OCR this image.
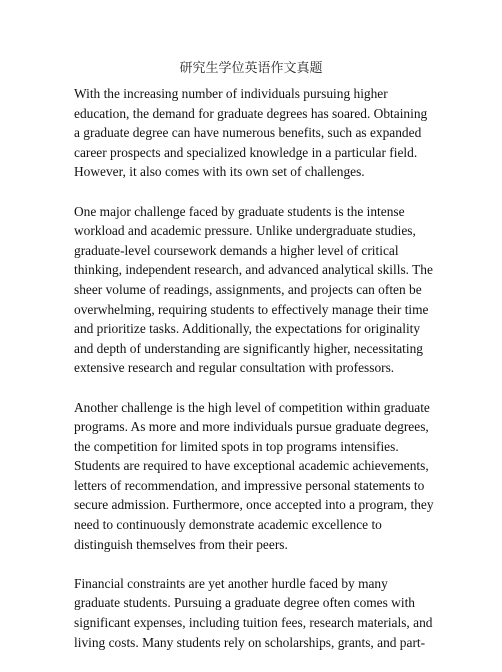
研究生学位英语作文真题
With the increasing number of individuals pursuing higher
education, the demand for graduate degrees has soared. Obtaining
a graduate degree can have numerous benefits, such as expanded
career prospects and specialized knowledge in a particular field.
However, it also comes with its own set of challenges.
One major challenge faced by graduate students is the intense
workload and academic pressure. Unlike undergraduate studies,
graduate-level coursework demands a higher level of critical
thinking, independent research, and advanced analytical skills. The
sheer volume of readings, assignments, and projects can often be
overwhelming, requiring students to effectively manage their time
and prioritize tasks. Additionally, the expectations for originality
and depth of understanding are significantly higher, necessitating
extensive research and regular consultation with professors.
Another challenge is the high level of competition within graduate
programs. As more and more individuals pursue graduate degrees,
the competition for limited spots in top programs intensifies.
Students are required to have exceptional academic achievements,
letters of recommendation, and impressive personal statements to
secure admission. Furthermore, once accepted into a program, they
need to continuously demonstrate academic excellence to
distinguish themselves from their peers.
Financial constraints are yet another hurdle faced by many
graduate students. Pursuing a graduate degree often comes with
significant expenses, including tuition fees, research materials, and
living costs. Many students rely on scholarships, grants, and part-
